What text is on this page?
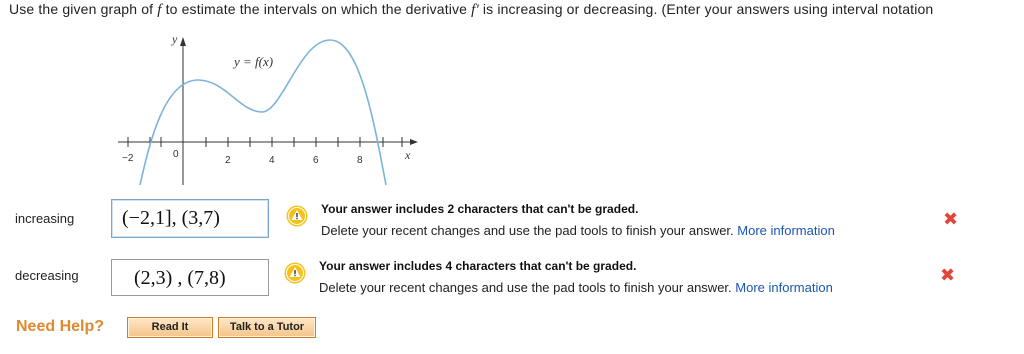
Use the given graph of f to estimate the intervals on which the derivative f' is increasing or decreasing. (Enter your answers using interval notation
y
y = f(x)
0
−2	2	4	6	8	x
increasing	(−2,1], (3,7)	Your answer includes 2 characters that can't be graded.
Delete your recent changes and use the pad tools to finish your answer. More information
✖
decreasing	(2,3) , (7,8)
Your answer includes 4 characters that can't be graded.
Delete your recent changes and use the pad tools to finish your answer. More information
✖
Need Help?	Read It	Talk to a Tutor
